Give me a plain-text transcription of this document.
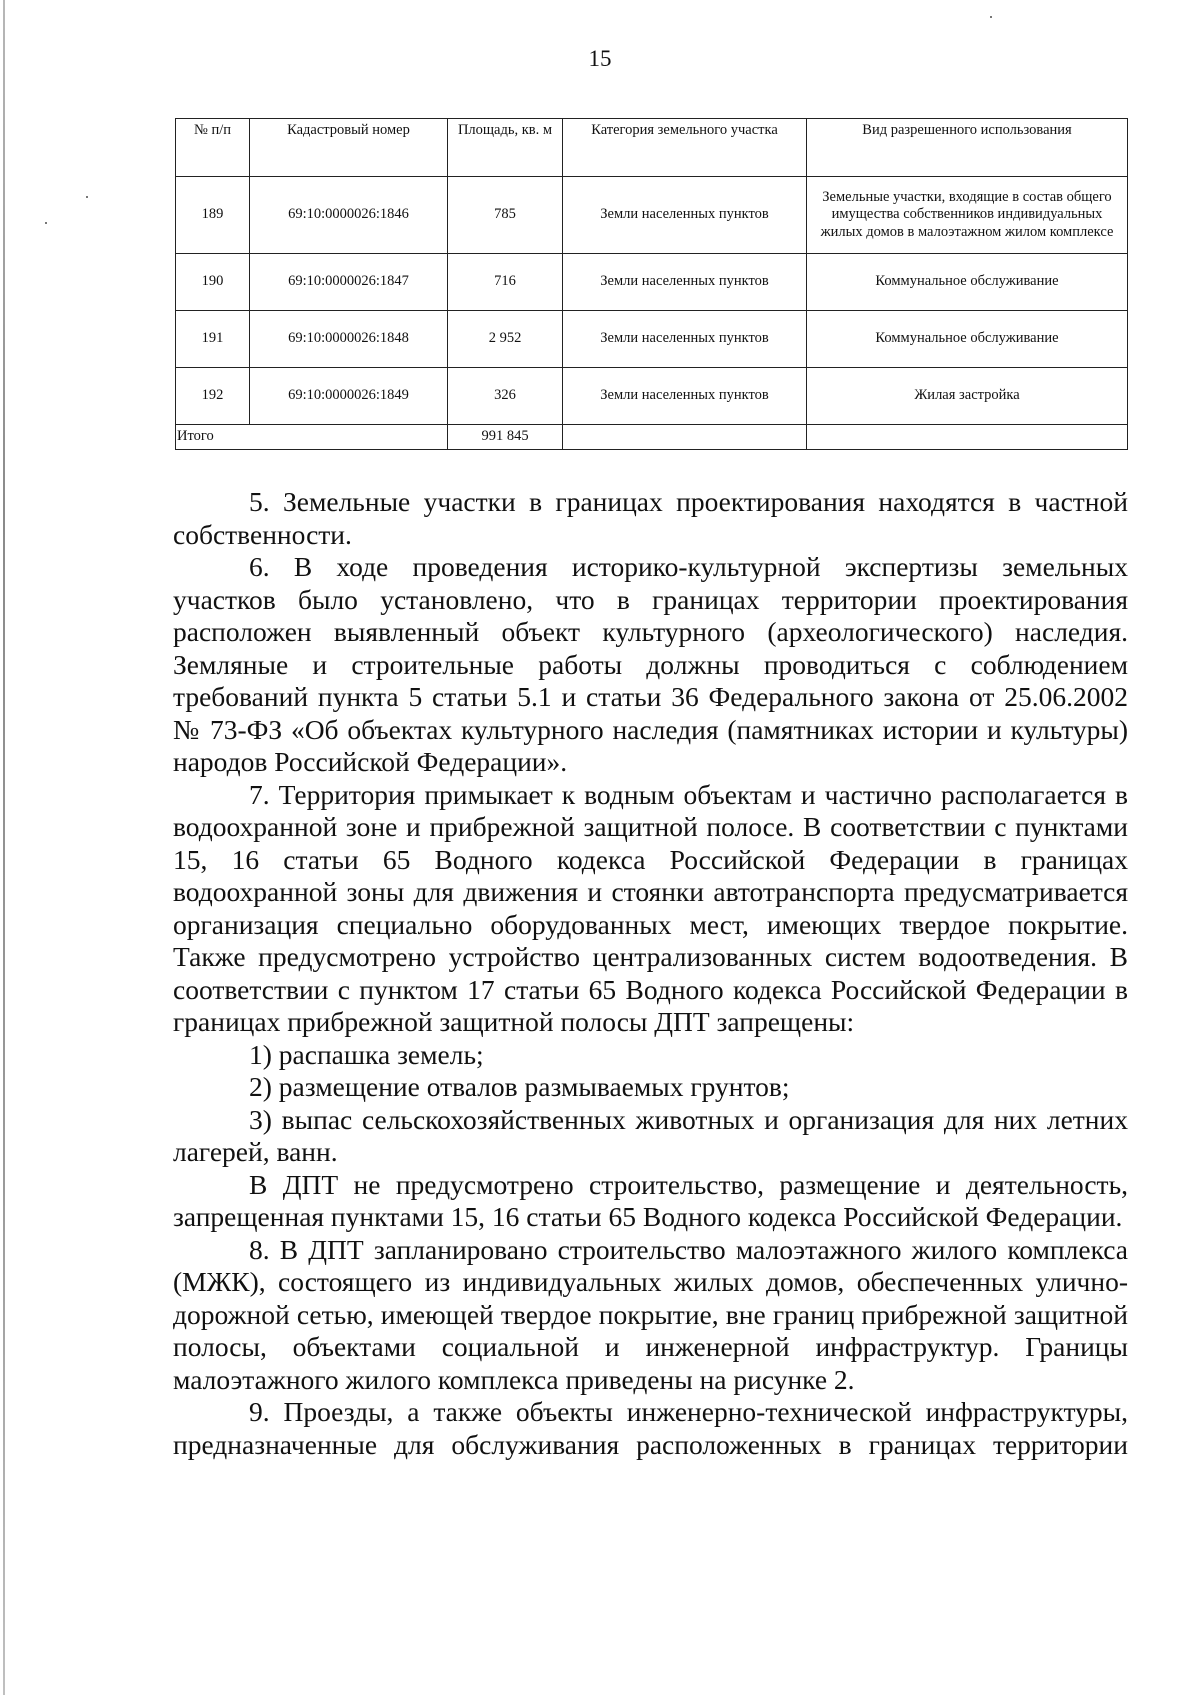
15
№ п/п	Кадастровый номер	Площадь, кв. м	Категория земельного участка	Вид разрешенного использования
189	69:10:0000026:1846	785	Земли населенных пунктов	Земельные участки, входящие в состав общего имущества собственников индивидуальных жилых домов в малоэтажном жилом комплексе
190	69:10:0000026:1847	716	Земли населенных пунктов	Коммунальное обслуживание
191	69:10:0000026:1848	2 952	Земли населенных пунктов	Коммунальное обслуживание
192	69:10:0000026:1849	326	Земли населенных пунктов	Жилая застройка
Итого		991 845		

5. Земельные участки в границах проектирования находятся в частной собственности.

6. В ходе проведения историко-культурной экспертизы земельных участков было установлено, что в границах территории проектирования расположен выявленный объект культурного (археологического) наследия. Земляные и строительные работы должны проводиться с соблюдением требований пункта 5 статьи 5.1 и статьи 36 Федерального закона от 25.06.2002 № 73-ФЗ «Об объектах культурного наследия (памятниках истории и культуры) народов Российской Федерации».

7. Территория примыкает к водным объектам и частично располагается в водоохранной зоне и прибрежной защитной полосе. В соответствии с пунктами 15, 16 статьи 65 Водного кодекса Российской Федерации в границах водоохранной зоны для движения и стоянки автотранспорта предусматривается организация специально оборудованных мест, имеющих твердое покрытие. Также предусмотрено устройство централизованных систем водоотведения. В соответствии с пунктом 17 статьи 65 Водного кодекса Российской Федерации в границах прибрежной защитной полосы ДПТ запрещены:

1) распашка земель;

2) размещение отвалов размываемых грунтов;

3) выпас сельскохозяйственных животных и организация для них летних лагерей, ванн.

В ДПТ не предусмотрено строительство, размещение и деятельность, запрещенная пунктами 15, 16 статьи 65 Водного кодекса Российской Федерации.

8. В ДПТ запланировано строительство малоэтажного жилого комплекса (МЖК), состоящего из индивидуальных жилых домов, обеспеченных улично-дорожной сетью, имеющей твердое покрытие, вне границ прибрежной защитной полосы, объектами социальной и инженерной инфраструктур. Границы малоэтажного жилого комплекса приведены на рисунке 2.

9. Проезды, а также объекты инженерно-технической инфраструктуры, предназначенные для обслуживания расположенных в границах территории
